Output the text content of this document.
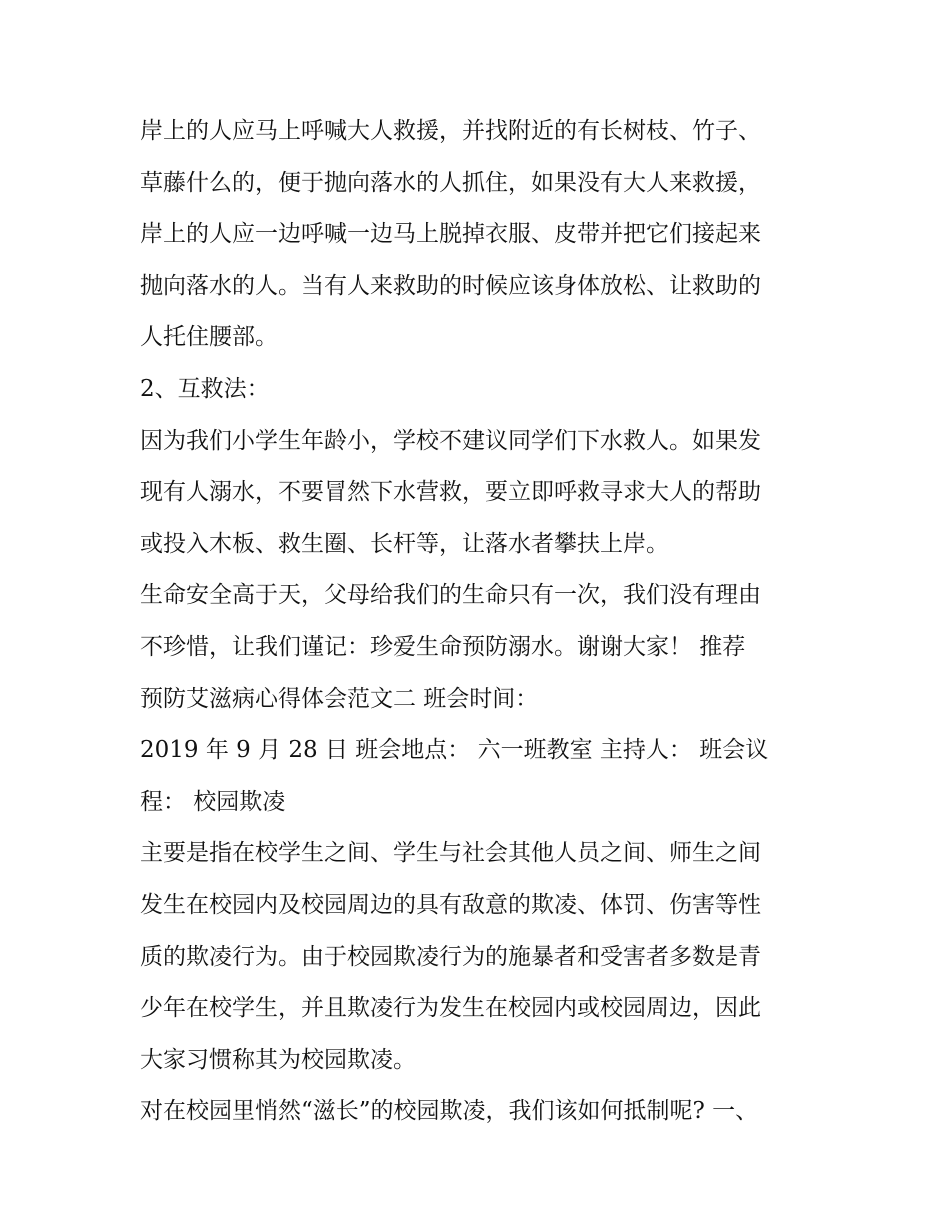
岸上的人应马上呼喊大人救援，并找附近的有长树枝、竹子、
草藤什么的，便于抛向落水的人抓住，如果没有大人来救援，
岸上的人应一边呼喊一边马上脱掉衣服、皮带并把它们接起来
抛向落水的人。当有人来救助的时候应该身体放松、让救助的
人托住腰部。
2、互救法：
因为我们小学生年龄小，学校不建议同学们下水救人。如果发
现有人溺水，不要冒然下水营救，要立即呼救寻求大人的帮助
或投入木板、救生圈、长杆等，让落水者攀扶上岸。
生命安全高于天，父母给我们的生命只有一次，我们没有理由
不珍惜，让我们谨记：珍爱生命预防溺水。谢谢大家！ 推荐
预防艾滋病心得体会范文二 班会时间：
2019 年 9 月 28 日 班会地点： 六一班教室 主持人： 班会议
程： 校园欺凌
主要是指在校学生之间、学生与社会其他人员之间、师生之间
发生在校园内及校园周边的具有敌意的欺凌、体罚、伤害等性
质的欺凌行为。由于校园欺凌行为的施暴者和受害者多数是青
少年在校学生，并且欺凌行为发生在校园内或校园周边，因此
大家习惯称其为校园欺凌。
对在校园里悄然“滋长”的校园欺凌，我们该如何抵制呢? 一、
